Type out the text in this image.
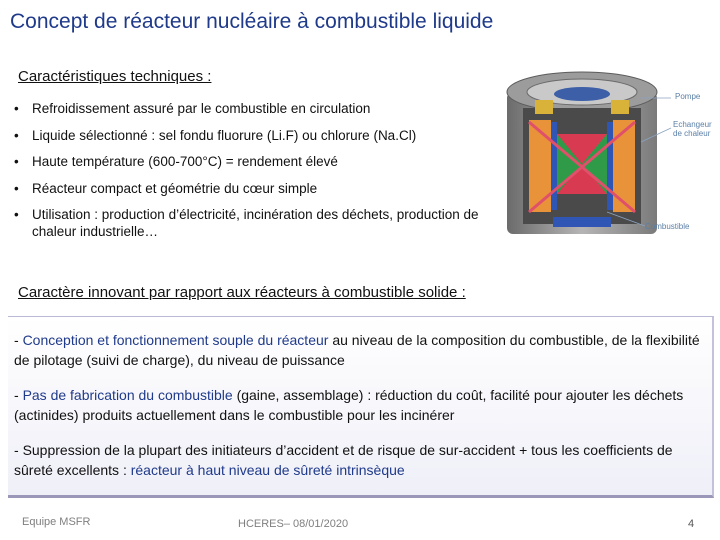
Concept de réacteur nucléaire à combustible liquide
Caractéristiques techniques :
• Refroidissement assuré par le combustible en circulation
• Liquide sélectionné : sel fondu fluorure (Li.F) ou chlorure (Na.Cl)
• Haute température (600-700°C) = rendement élevé
• Réacteur compact et géométrie du cœur simple
• Utilisation : production d’électricité, incinération des déchets, production de chaleur industrielle…
Pompe
Echangeur de chaleur
Combustible
Caractère innovant par rapport aux réacteurs à combustible solide :
- Conception et fonctionnement souple du réacteur au niveau de la composition du combustible, de la flexibilité de pilotage (suivi de charge), du niveau de puissance
- Pas de fabrication du combustible (gaine, assemblage) : réduction du coût, facilité pour ajouter les déchets (actinides) produits actuellement dans le combustible pour les incinérer
- Suppression de la plupart des initiateurs d’accident et de risque de sur-accident + tous les coefficients de sûreté excellents : réacteur à haut niveau de sûreté intrinsèque
Equipe MSFR	HCERES– 08/01/2020	4
